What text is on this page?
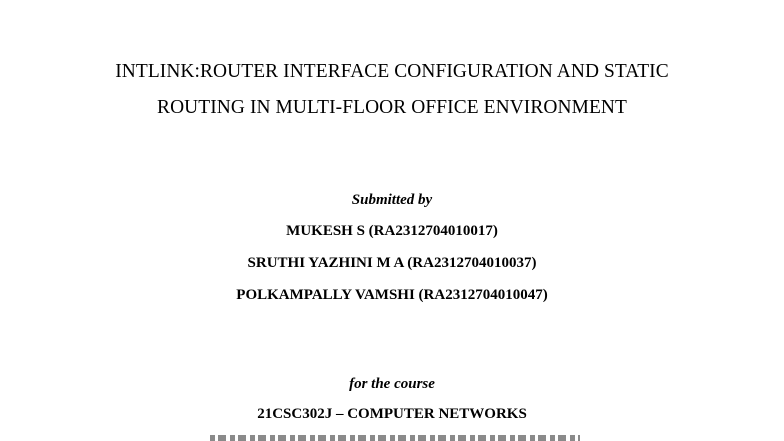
INTLINK:ROUTER INTERFACE CONFIGURATION AND STATIC
ROUTING IN MULTI-FLOOR OFFICE ENVIRONMENT
Submitted by
MUKESH S (RA2312704010017)
SRUTHI YAZHINI M A (RA2312704010037)
POLKAMPALLY VAMSHI (RA2312704010047)
for the course
21CSC302J – COMPUTER NETWORKS
